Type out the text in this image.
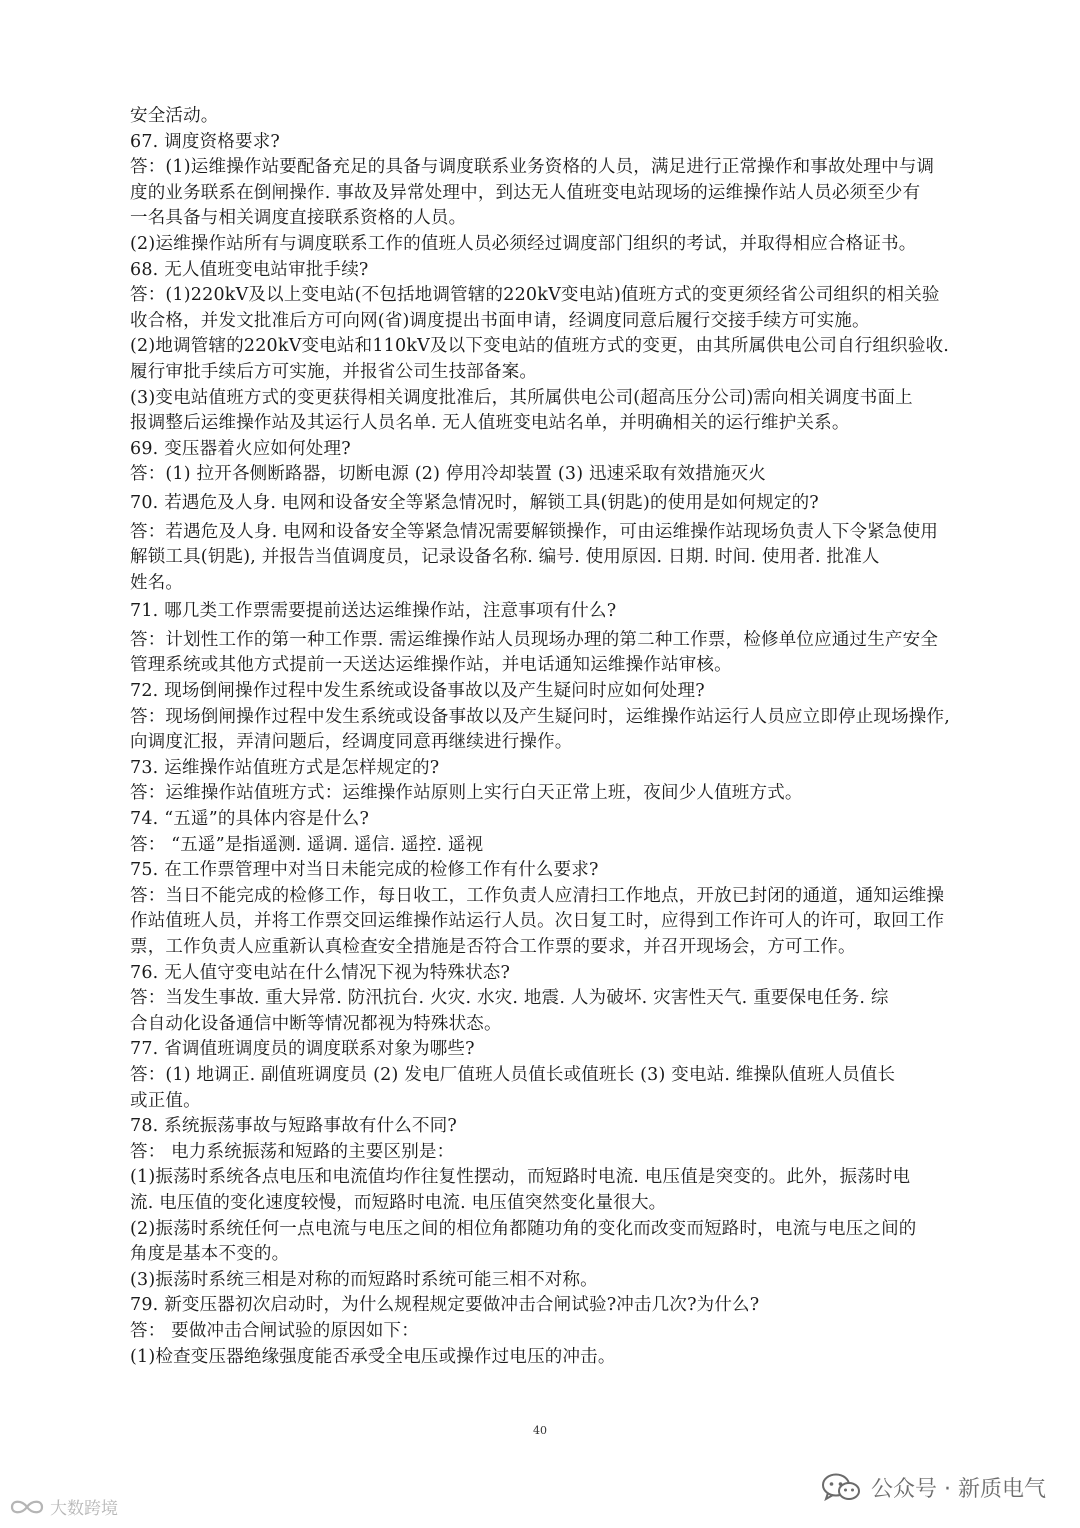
安全活动。
67. 调度资格要求?
答：(1)运维操作站要配备充足的具备与调度联系业务资格的人员，满足进行正常操作和事故处理中与调
度的业务联系在倒闸操作. 事故及异常处理中，到达无人值班变电站现场的运维操作站人员必须至少有
一名具备与相关调度直接联系资格的人员。
(2)运维操作站所有与调度联系工作的值班人员必须经过调度部门组织的考试，并取得相应合格证书。
68. 无人值班变电站审批手续?
答：(1)220kV及以上变电站(不包括地调管辖的220kV变电站)值班方式的变更须经省公司组织的相关验
收合格，并发文批准后方可向网(省)调度提出书面申请，经调度同意后履行交接手续方可实施。
(2)地调管辖的220kV变电站和110kV及以下变电站的值班方式的变更，由其所属供电公司自行组织验收.
履行审批手续后方可实施，并报省公司生技部备案。
(3)变电站值班方式的变更获得相关调度批准后，其所属供电公司(超高压分公司)需向相关调度书面上
报调整后运维操作站及其运行人员名单. 无人值班变电站名单，并明确相关的运行维护关系。
69. 变压器着火应如何处理?
答：(1) 拉开各侧断路器，切断电源 (2) 停用冷却装置 (3) 迅速采取有效措施灭火
70. 若遇危及人身. 电网和设备安全等紧急情况时，解锁工具(钥匙)的使用是如何规定的?
答：若遇危及人身. 电网和设备安全等紧急情况需要解锁操作，可由运维操作站现场负责人下令紧急使用
解锁工具(钥匙), 并报告当值调度员，记录设备名称. 编号. 使用原因. 日期. 时间. 使用者. 批准人
姓名。
71. 哪几类工作票需要提前送达运维操作站，注意事项有什么?
答：计划性工作的第一种工作票. 需运维操作站人员现场办理的第二种工作票，检修单位应通过生产安全
管理系统或其他方式提前一天送达运维操作站，并电话通知运维操作站审核。
72. 现场倒闸操作过程中发生系统或设备事故以及产生疑问时应如何处理?
答：现场倒闸操作过程中发生系统或设备事故以及产生疑问时，运维操作站运行人员应立即停止现场操作,
向调度汇报，弄清问题后，经调度同意再继续进行操作。
73. 运维操作站值班方式是怎样规定的?
答：运维操作站值班方式：运维操作站原则上实行白天正常上班，夜间少人值班方式。
74. “五遥”的具体内容是什么?
答： “五遥”是指遥测. 遥调. 遥信. 遥控. 遥视
75. 在工作票管理中对当日未能完成的检修工作有什么要求?
答：当日不能完成的检修工作，每日收工，工作负责人应清扫工作地点，开放已封闭的通道，通知运维操
作站值班人员，并将工作票交回运维操作站运行人员。次日复工时，应得到工作许可人的许可，取回工作
票，工作负责人应重新认真检查安全措施是否符合工作票的要求，并召开现场会，方可工作。
76. 无人值守变电站在什么情况下视为特殊状态?
答：当发生事故. 重大异常. 防汛抗台. 火灾. 水灾. 地震. 人为破坏. 灾害性天气. 重要保电任务. 综
合自动化设备通信中断等情况都视为特殊状态。
77. 省调值班调度员的调度联系对象为哪些?
答：(1) 地调正. 副值班调度员 (2) 发电厂值班人员值长或值班长 (3) 变电站. 维操队值班人员值长
或正值。
78. 系统振荡事故与短路事故有什么不同?
答： 电力系统振荡和短路的主要区别是：
(1)振荡时系统各点电压和电流值均作往复性摆动，而短路时电流. 电压值是突变的。此外，振荡时电
流. 电压值的变化速度较慢，而短路时电流. 电压值突然变化量很大。
(2)振荡时系统任何一点电流与电压之间的相位角都随功角的变化而改变而短路时，电流与电压之间的
角度是基本不变的。
(3)振荡时系统三相是对称的而短路时系统可能三相不对称。
79. 新变压器初次启动时，为什么规程规定要做冲击合闸试验?冲击几次?为什么?
答： 要做冲击合闸试验的原因如下：
(1)检查变压器绝缘强度能否承受全电压或操作过电压的冲击。
40
公众号 · 新质电气
大数跨境
